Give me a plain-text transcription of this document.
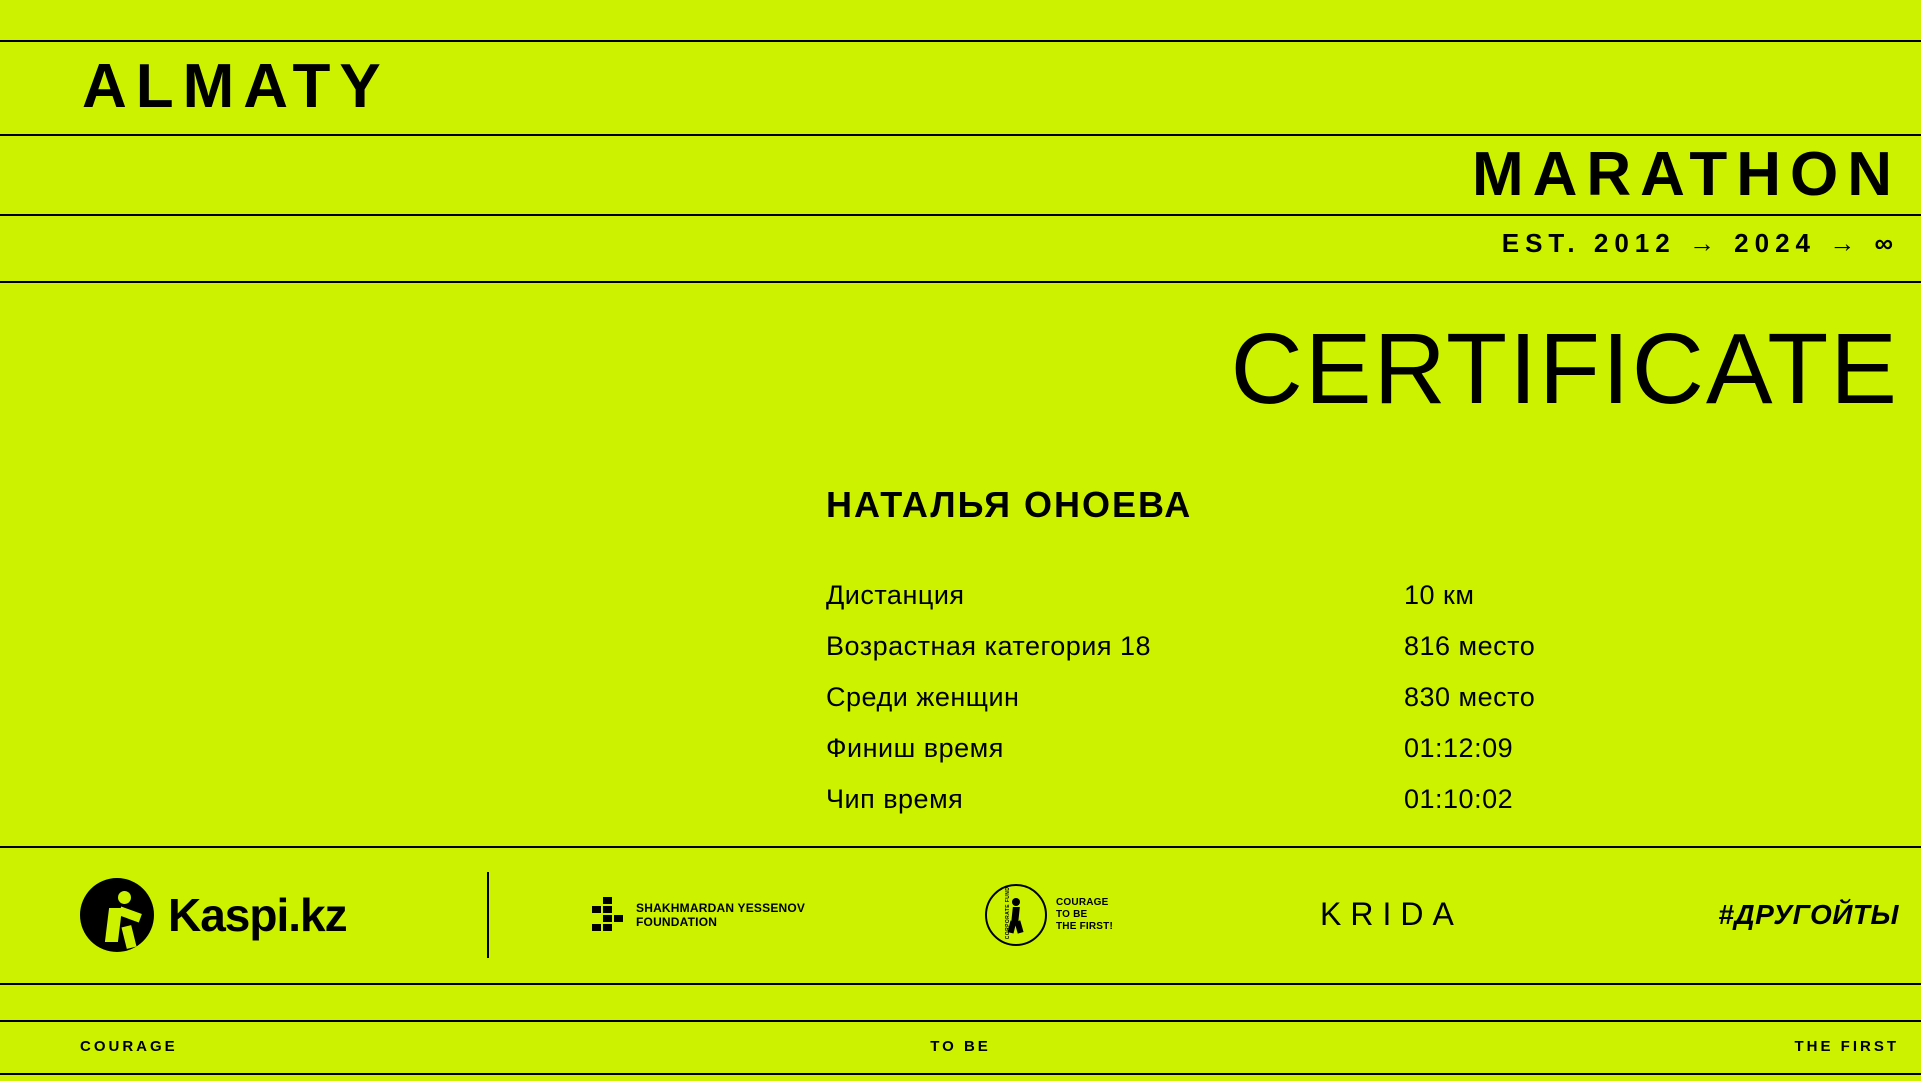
ALMATY
MARATHON
EST. 2012 → 2024 → ∞
CERTIFICATE
НАТАЛЬЯ ОНОЕВА
Дистанция	10 км
Возрастная категория 18	816 место
Среди женщин	830 место
Финиш время	01:12:09
Чип время	01:10:02
Kaspi.kz	SHAKHMARDAN YESSENOV
FOUNDATION	CORPORATE FUND	COURAGE
TO BE
THE FIRST!	KRIDA	#ДРУГОЙТЫ
COURAGE	TO BE	THE FIRST
